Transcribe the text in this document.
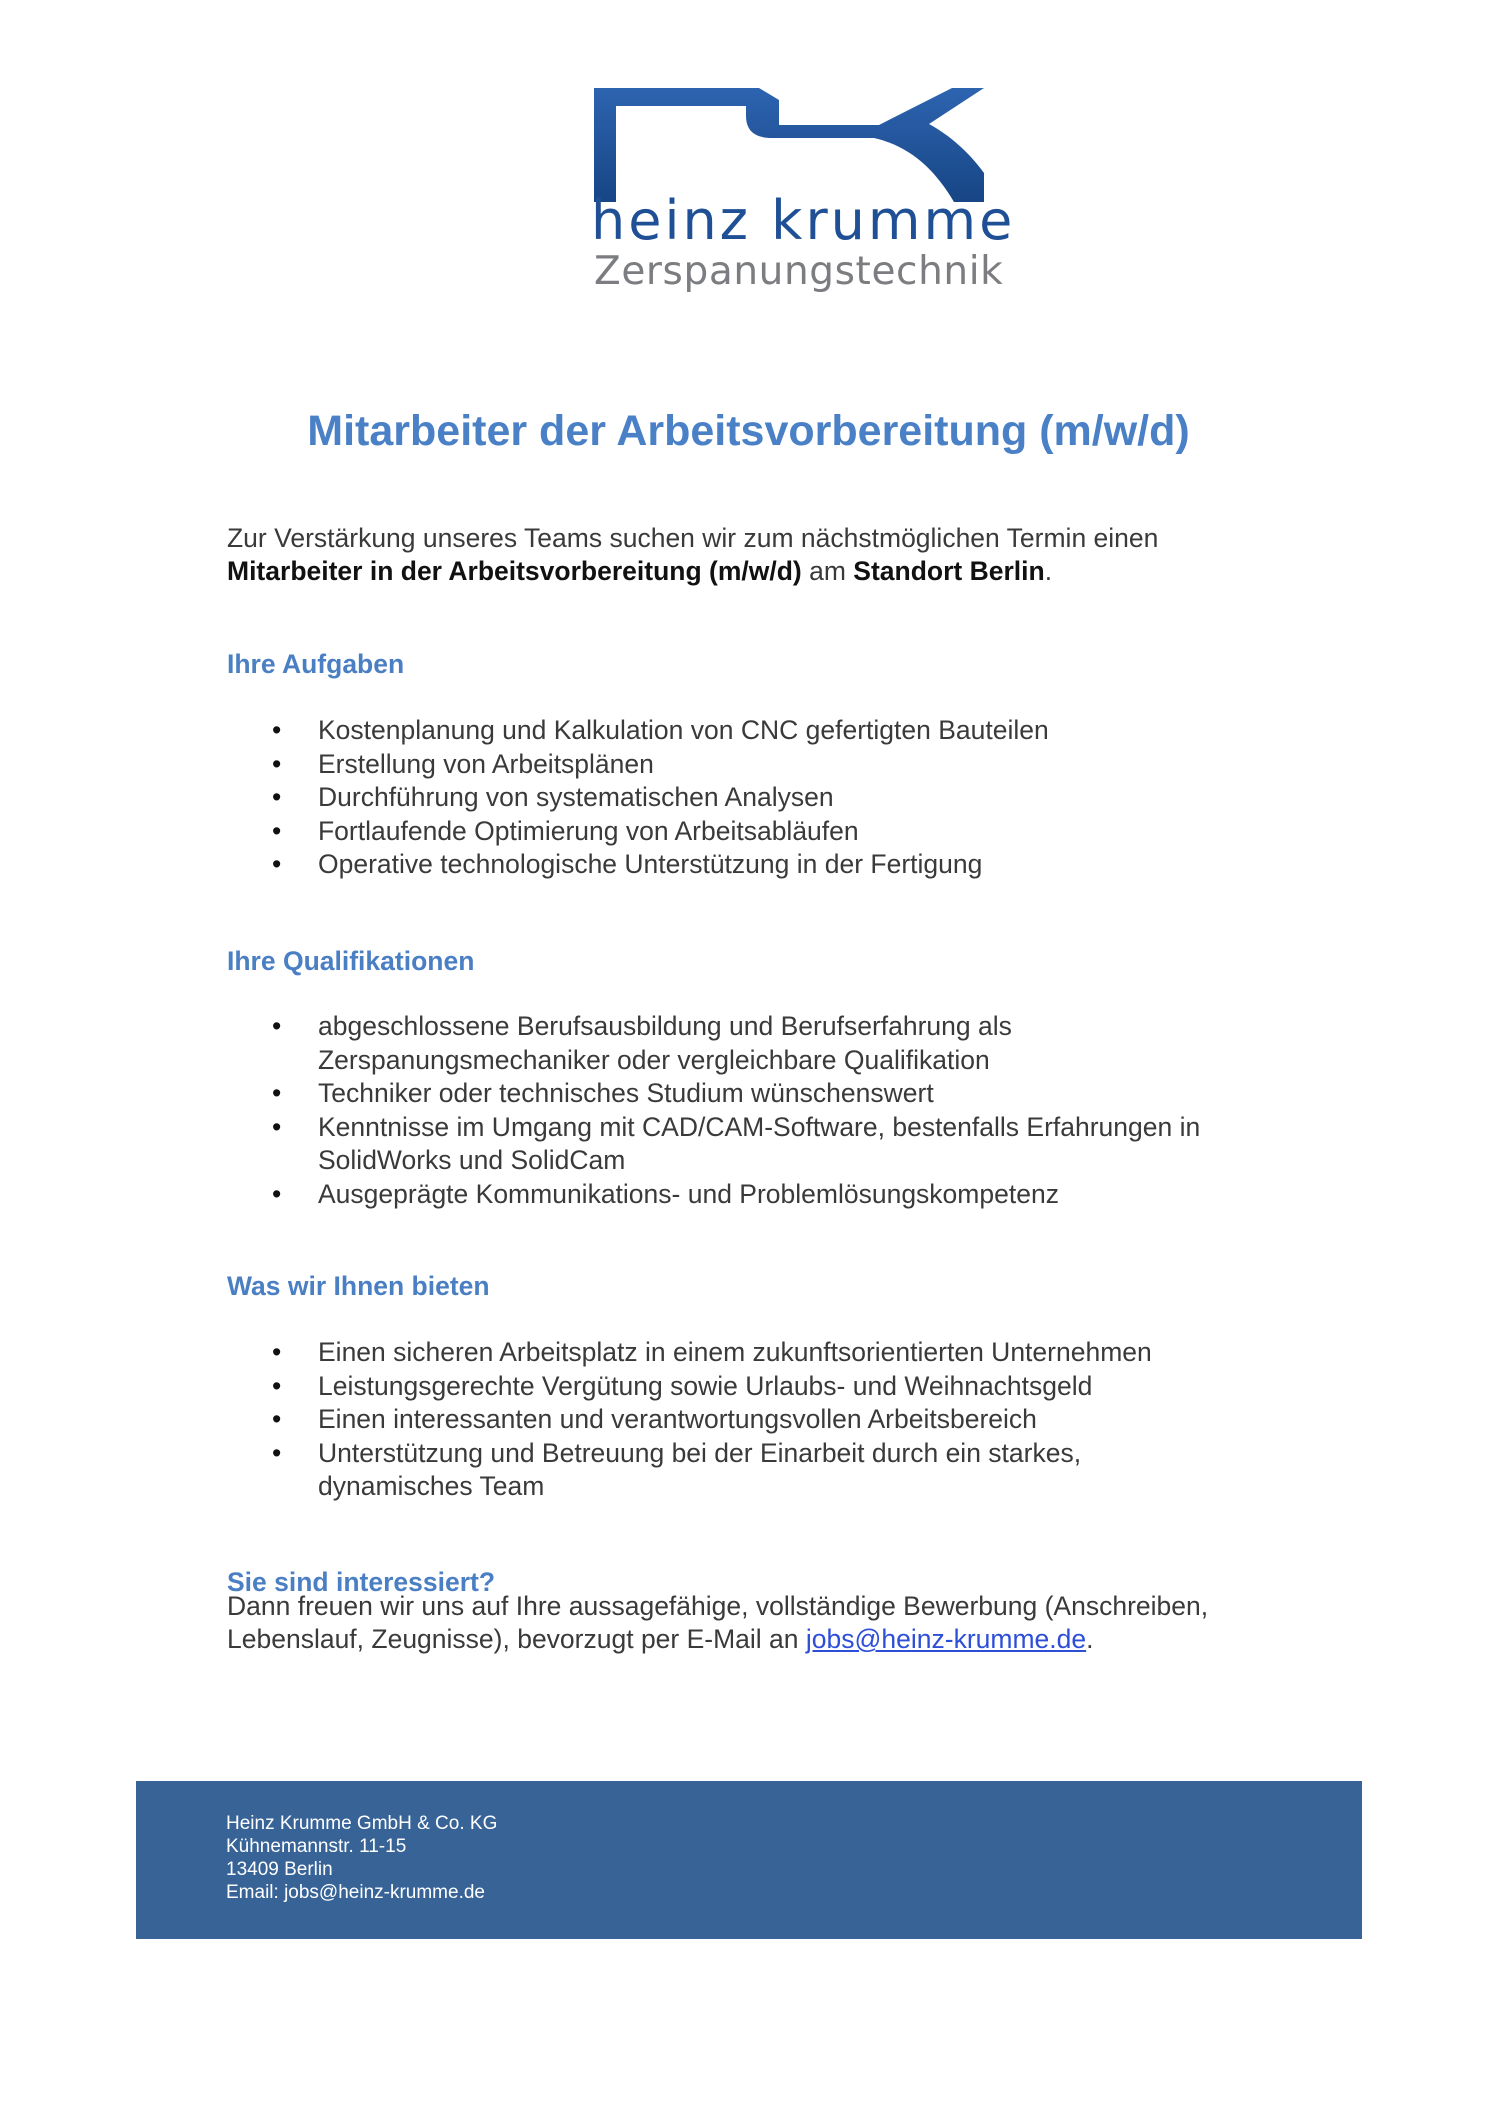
heinz krumme
Zerspanungstechnik
Mitarbeiter der Arbeitsvorbereitung (m/w/d)

Zur Verstärkung unseres Teams suchen wir zum nächstmöglichen Termin einen
Mitarbeiter in der Arbeitsvorbereitung (m/w/d) am Standort Berlin.

Ihre Aufgaben
• Kostenplanung und Kalkulation von CNC gefertigten Bauteilen
• Erstellung von Arbeitsplänen
• Durchführung von systematischen Analysen
• Fortlaufende Optimierung von Arbeitsabläufen
• Operative technologische Unterstützung in der Fertigung
Ihre Qualifikationen
• abgeschlossene Berufsausbildung und Berufserfahrung als Zerspanungsmechaniker oder vergleichbare Qualifikation
• Techniker oder technisches Studium wünschenswert
• Kenntnisse im Umgang mit CAD/CAM-Software, bestenfalls Erfahrungen in SolidWorks und SolidCam
• Ausgeprägte Kommunikations- und Problemlösungskompetenz
Was wir Ihnen bieten
• Einen sicheren Arbeitsplatz in einem zukunftsorientierten Unternehmen
• Leistungsgerechte Vergütung sowie Urlaubs- und Weihnachtsgeld
• Einen interessanten und verantwortungsvollen Arbeitsbereich
• Unterstützung und Betreuung bei der Einarbeit durch ein starkes, dynamisches Team
Sie sind interessiert?

Dann freuen wir uns auf Ihre aussagefähige, vollständige Bewerbung (Anschreiben, Lebenslauf, Zeugnisse), bevorzugt per E-Mail an jobs@heinz-krumme.de.

Heinz Krumme GmbH & Co. KG
Kühnemannstr. 11-15
13409 Berlin
Email: jobs@heinz-krumme.de
